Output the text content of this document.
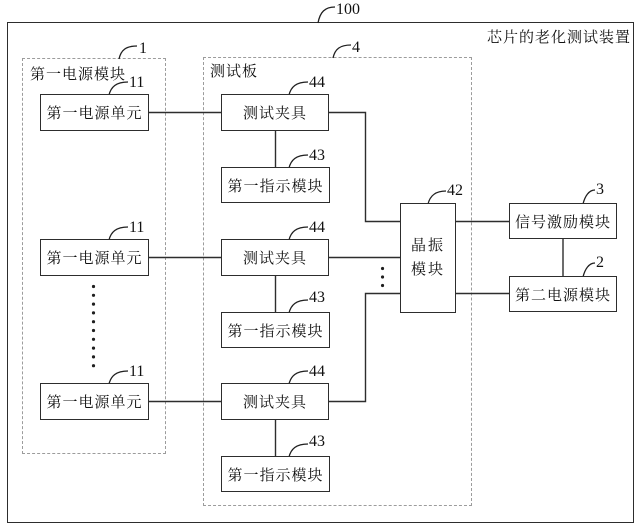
芯片的老化测试装置
100
第一电源模块
1
测试板
4
第一电源单元
11
测试夹具
44
第一指示模块
43
第一电源单元
11
测试夹具
44
第一指示模块
43
第一电源单元
11
测试夹具
44
第一指示模块
43
晶振
模块
42
信号激励模块
3
第二电源模块
2
